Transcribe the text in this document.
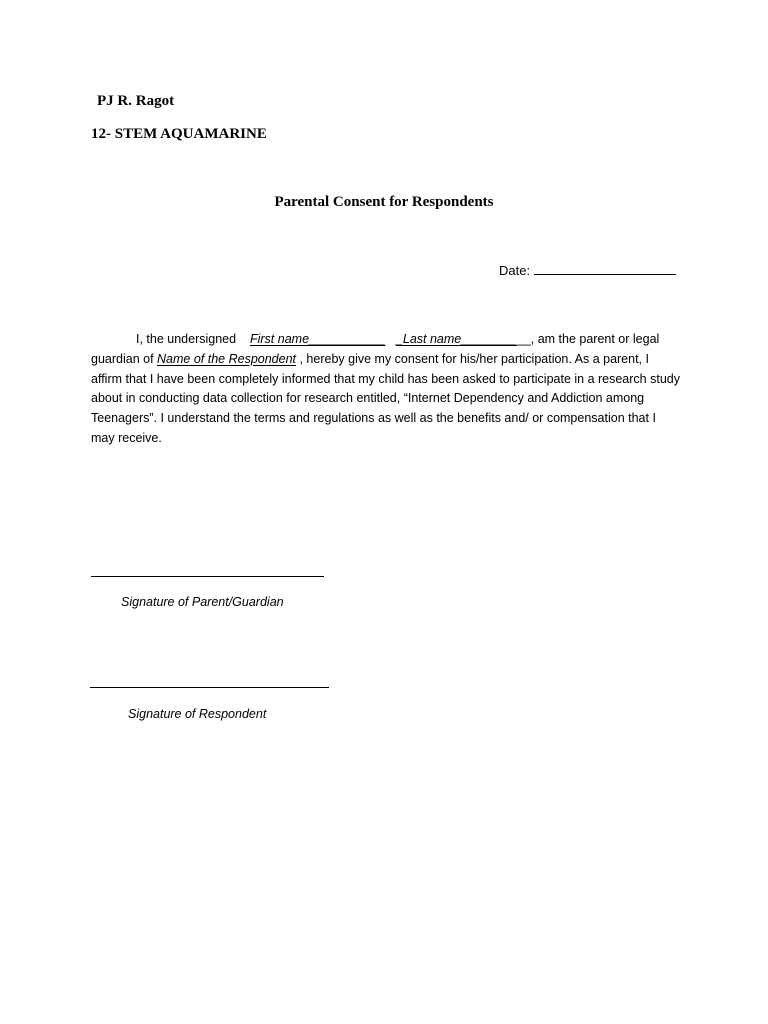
PJ R. Ragot
12- STEM AQUAMARINE
Parental Consent for Respondents
Date:
I, the undersigned First name___________ _Last name__________, am the parent or legal guardian of Name of the Respondent , hereby give my consent for his/her participation. As a parent, I affirm that I have been completely informed that my child has been asked to participate in a research study about in conducting data collection for research entitled, “Internet Dependency and Addiction among Teenagers”. I understand the terms and regulations as well as the benefits and/ or compensation that I may receive.
Signature of Parent/Guardian
Signature of Respondent
